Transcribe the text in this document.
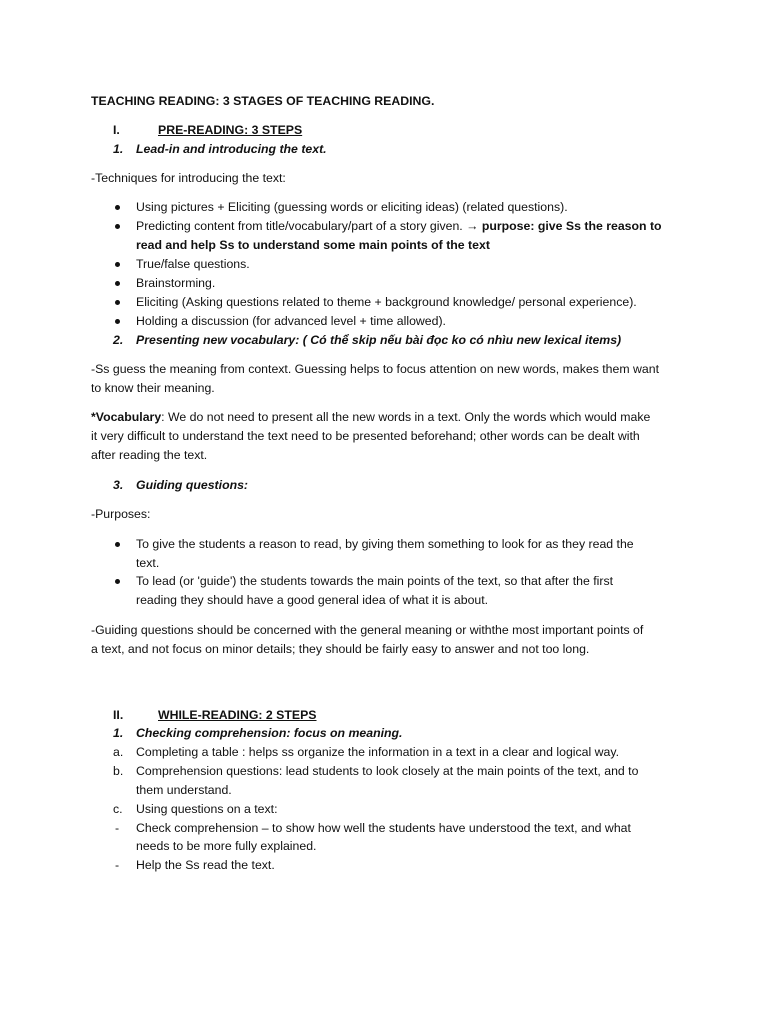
TEACHING READING: 3 STAGES OF TEACHING READING.
I.	PRE-READING: 3 STEPS
1. Lead-in and introducing the text.
-Techniques for introducing the text:
Using pictures + Eliciting (guessing words or eliciting ideas) (related questions).
Predicting content from title/vocabulary/part of a story given. → purpose: give Ss the reason to
read and help Ss to understand some main points of the text
True/false questions.
Brainstorming.
Eliciting (Asking questions related to theme + background knowledge/ personal experience).
Holding a discussion (for advanced level + time allowed).
2. Presenting new vocabulary: ( Có thể skip nếu bài đọc ko có nhìu new lexical items)
-Ss guess the meaning from context. Guessing helps to focus attention on new words, makes them want
to know their meaning.
*Vocabulary: We do not need to present all the new words in a text. Only the words which would make
it very difficult to understand the text need to be presented beforehand; other words can be dealt with
after reading the text.
3. Guiding questions:
-Purposes:
To give the students a reason to read, by giving them something to look for as they read the
text.
To lead (or 'guide') the students towards the main points of the text, so that after the first
reading they should have a good general idea of what it is about.
-Guiding questions should be concerned with the general meaning or withthe most important points of
a text, and not focus on minor details; they should be fairly easy to answer and not too long.
II.	WHILE-READING: 2 STEPS
1. Checking comprehension: focus on meaning.
a. Completing a table : helps ss organize the information in a text in a clear and logical way.
b. Comprehension questions: lead students to look closely at the main points of the text, and to
them understand.
c. Using questions on a text:
- Check comprehension – to show how well the students have understood the text, and what
needs to be more fully explained.
- Help the Ss read the text.
